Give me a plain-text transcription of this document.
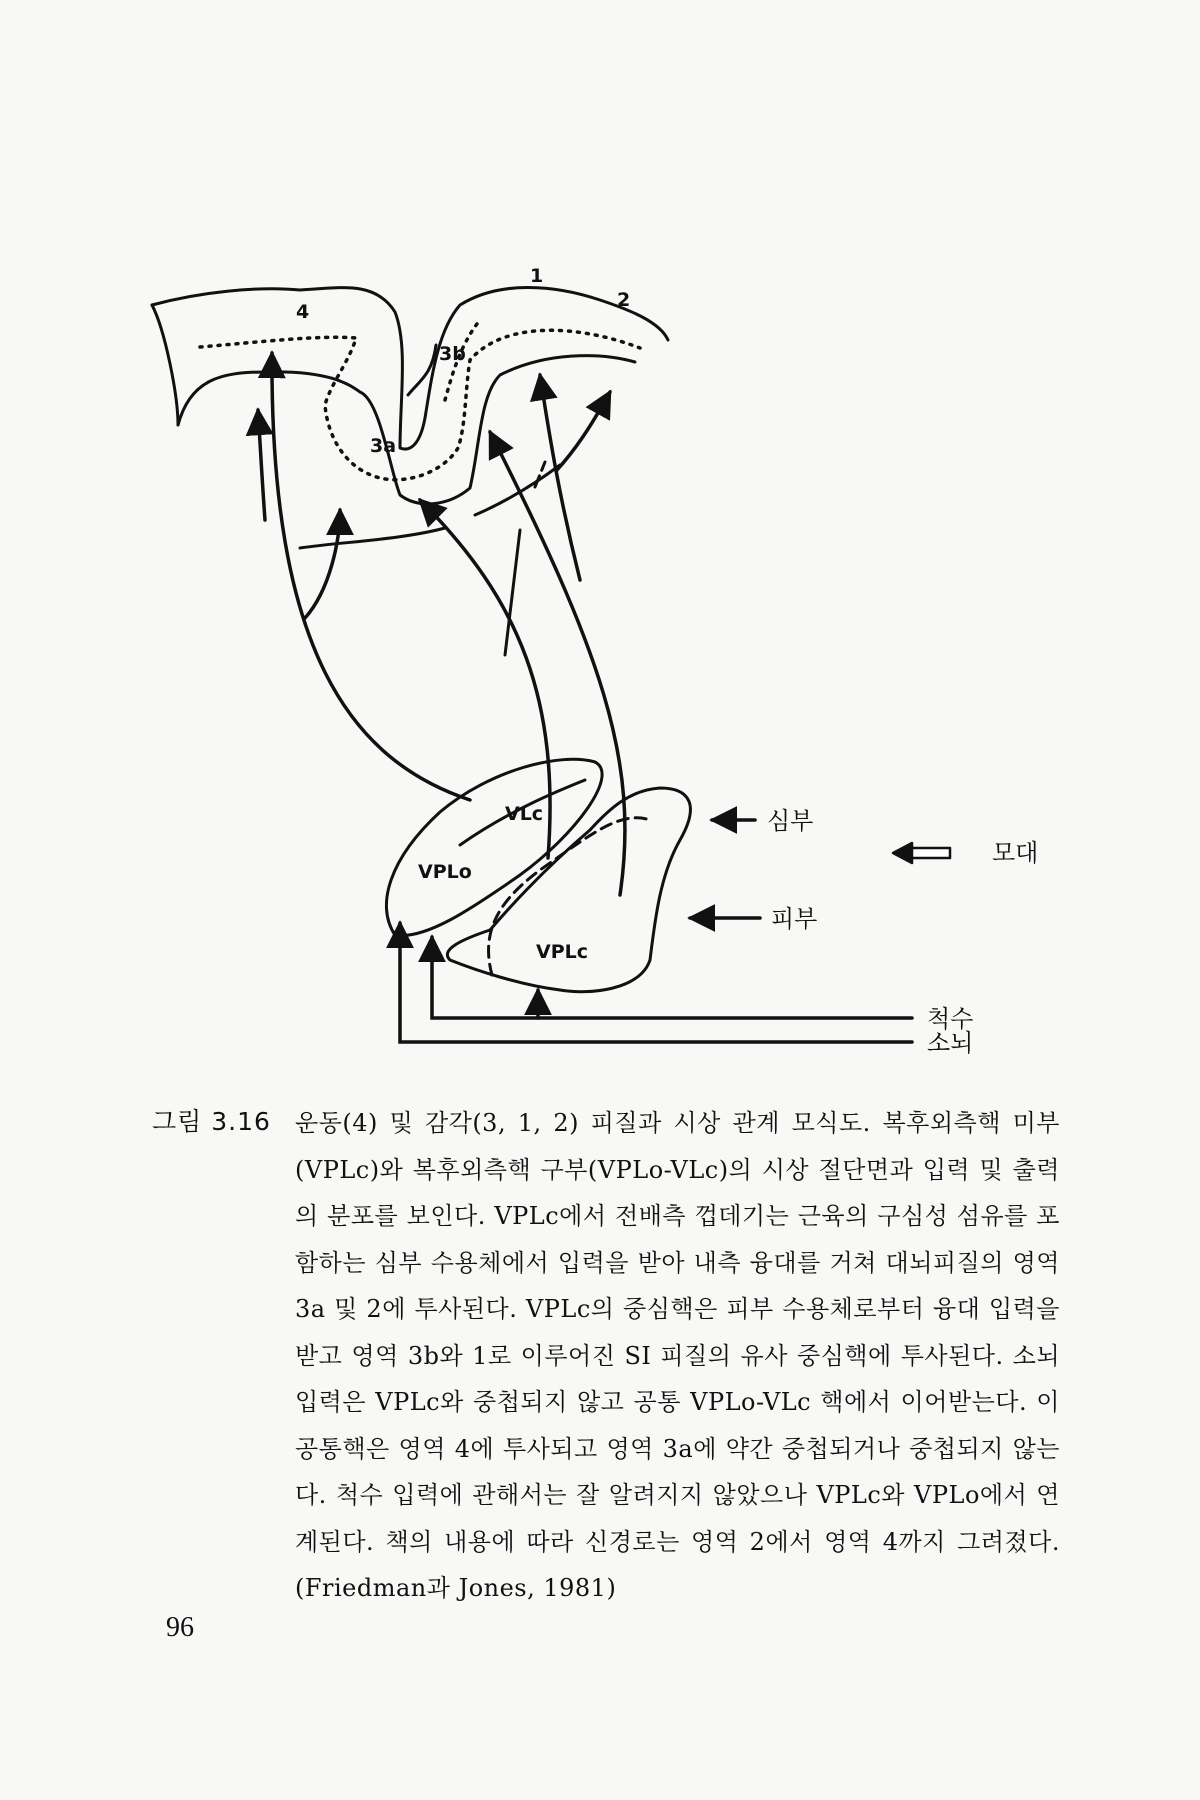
4
1
2
3b
3a
VLc
VPLo
VPLc
심부
모대
피부
척수
소뇌
그림 3.16 운동(4) 및 감각(3, 1, 2) 피질과 시상 관계 모식도. 복후외측핵 미부(VPLc)와 복후외측핵 구부(VPLo-VLc)의 시상 절단면과 입력 및 출력의 분포를 보인다. VPLc에서 전배측 껍데기는 근육의 구심성 섬유를 포함하는 심부 수용체에서 입력을 받아 내측 융대를 거쳐 대뇌피질의 영역 3a 및 2에 투사된다. VPLc의 중심핵은 피부 수용체로부터 융대 입력을 받고 영역 3b와 1로 이루어진 SI 피질의 유사 중심핵에 투사된다. 소뇌 입력은 VPLc와 중첩되지 않고 공통 VPLo-VLc 핵에서 이어받는다. 이 공통핵은 영역 4에 투사되고 영역 3a에 약간 중첩되거나 중첩되지 않는다. 척수 입력에 관해서는 잘 알려지지 않았으나 VPLc와 VPLo에서 연계된다. 책의 내용에 따라 신경로는 영역 2에서 영역 4까지 그려졌다.(Friedman과 Jones, 1981)
96
